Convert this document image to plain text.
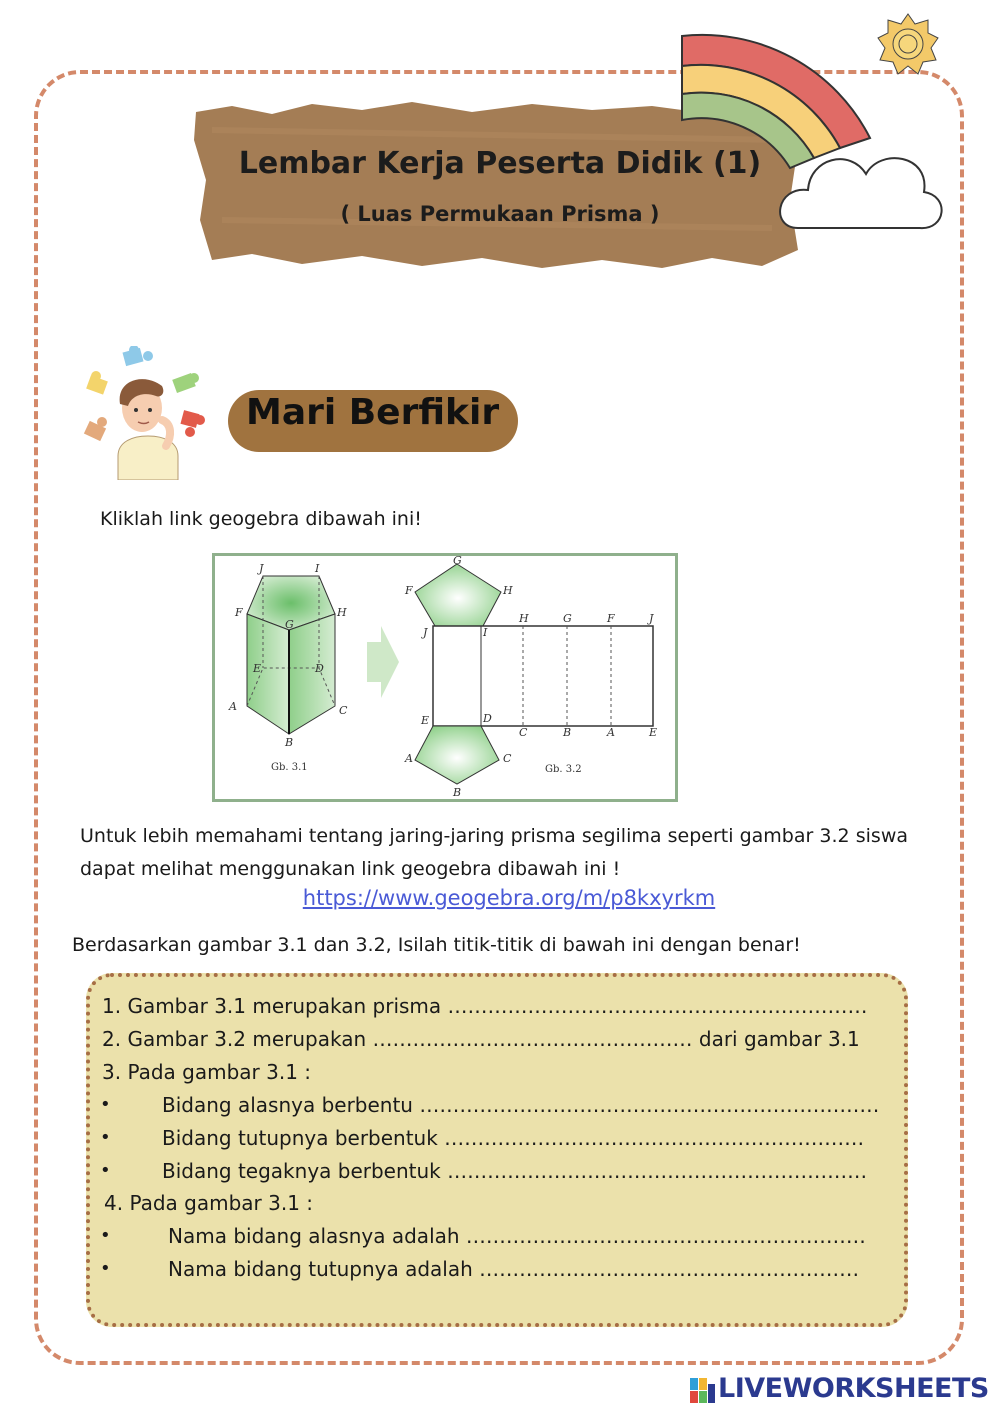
Lembar Kerja Peserta Didik (1)
( Luas Permukaan Prisma )
Mari Berfikir
Kliklah link geogebra dibawah ini!
J	I
F	H
G
E	D
A	C
B
Gb. 3.1
G
F	H
J	I
H	G	F	J
E	D
C	B	A	E
A	C
B
Gb. 3.2
Untuk lebih memahami tentang jaring-jaring prisma segilima seperti gambar 3.2 siswa dapat melihat menggunakan link geogebra dibawah ini !
https://www.geogebra.org/m/p8kxyrkm
Berdasarkan gambar 3.1 dan 3.2, Isilah titik-titik di bawah ini dengan benar!
1. Gambar 3.1 merupakan prisma ………………………………………………………
2. Gambar 3.2 merupakan ………………………………………… dari gambar 3.1
3. Pada gambar 3.1 :
•	Bidang alasnya berbentu ……………………………………………………………
•	Bidang tutupnya berbentuk ………………………………………………………
•	Bidang tegaknya berbentuk ………………………………………………………
4. Pada gambar 3.1 :
•	Nama bidang alasnya adalah ……………………………………………………
•	Nama bidang tutupnya adalah …………………………………………………
LIVEWORKSHEETS
